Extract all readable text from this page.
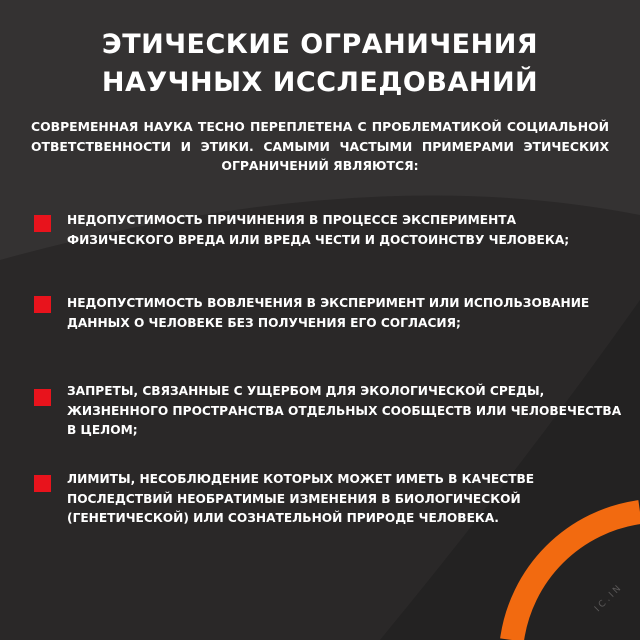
I C . I N
ЭТИЧЕСКИЕ ОГРАНИЧЕНИЯ
НАУЧНЫХ ИССЛЕДОВАНИЙ
СОВРЕМЕННАЯ НАУКА ТЕСНО ПЕРЕПЛЕТЕНА С ПРОБЛЕМАТИКОЙ СОЦИАЛЬНОЙ ОТВЕТСТВЕННОСТИ И ЭТИКИ. САМЫМИ ЧАСТЫМИ ПРИМЕРАМИ ЭТИЧЕСКИХ ОГРАНИЧЕНИЙ ЯВЛЯЮТСЯ:
НЕДОПУСТИМОСТЬ ПРИЧИНЕНИЯ В ПРОЦЕССЕ ЭКСПЕРИМЕНТА
ФИЗИЧЕСКОГО ВРЕДА ИЛИ ВРЕДА ЧЕСТИ И ДОСТОИНСТВУ ЧЕЛОВЕКА;
НЕДОПУСТИМОСТЬ ВОВЛЕЧЕНИЯ В ЭКСПЕРИМЕНТ ИЛИ ИСПОЛЬЗОВАНИЕ
ДАННЫХ О ЧЕЛОВЕКЕ БЕЗ ПОЛУЧЕНИЯ ЕГО СОГЛАСИЯ;
ЗАПРЕТЫ, СВЯЗАННЫЕ С УЩЕРБОМ ДЛЯ ЭКОЛОГИЧЕСКОЙ СРЕДЫ,
ЖИЗНЕННОГО ПРОСТРАНСТВА ОТДЕЛЬНЫХ СООБЩЕСТВ ИЛИ ЧЕЛОВЕЧЕСТВА
В ЦЕЛОМ;
ЛИМИТЫ, НЕСОБЛЮДЕНИЕ КОТОРЫХ МОЖЕТ ИМЕТЬ В КАЧЕСТВЕ
ПОСЛЕДСТВИЙ НЕОБРАТИМЫЕ ИЗМЕНЕНИЯ В БИОЛОГИЧЕСКОЙ
(ГЕНЕТИЧЕСКОЙ) ИЛИ СОЗНАТЕЛЬНОЙ ПРИРОДЕ ЧЕЛОВЕКА.
